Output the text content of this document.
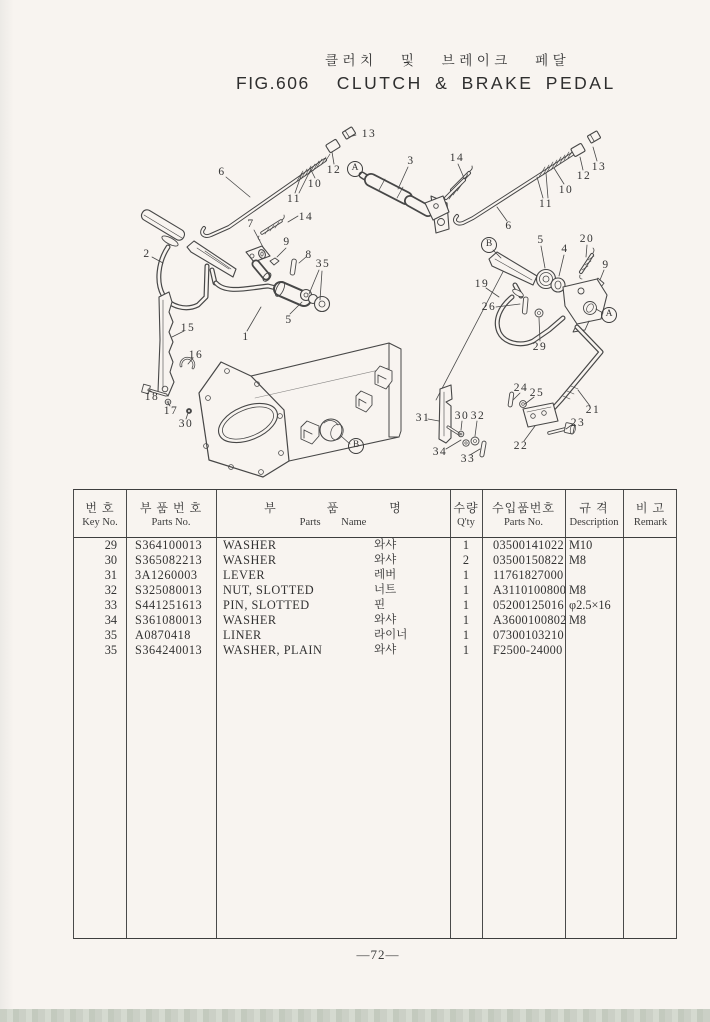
클러치 및 브레이크 페달
FIG.606 CLUTCH & BRAKE PEDAL
13
12
6
10
11
3
A
14
7
9
8
35
2
15
16
18
17
30
1
5
B
14
12
13
10
11
6
B	5	20
4
9
19
26
29
A
24 25
31 30 32
34
33
21
23
22
번 호
Key No.
부 품 번 호
Parts No.
부 품 명
Parts Name
수량
Q'ty
수입품번호
Parts No.
규 격
Description
비 고
Remark
29	S364100013	WASHER	와샤	1	03500141022 M10
30	S365082213	WASHER	와샤	2	03500150822 M8
31	3A1260003	LEVER	레버	1	11761827000
32	S325080013	NUT, SLOTTED	너트	1	A3110100800 M8
33	S441251613	PIN, SLOTTED	핀	1	05200125016 φ2.5×16
34	S361080013	WASHER	와샤	1	A3600100802 M8
35	A0870418	LINER	라이너	1	07300103210
35	S364240013	WASHER, PLAIN	와샤	1	F2500-24000
—72—
